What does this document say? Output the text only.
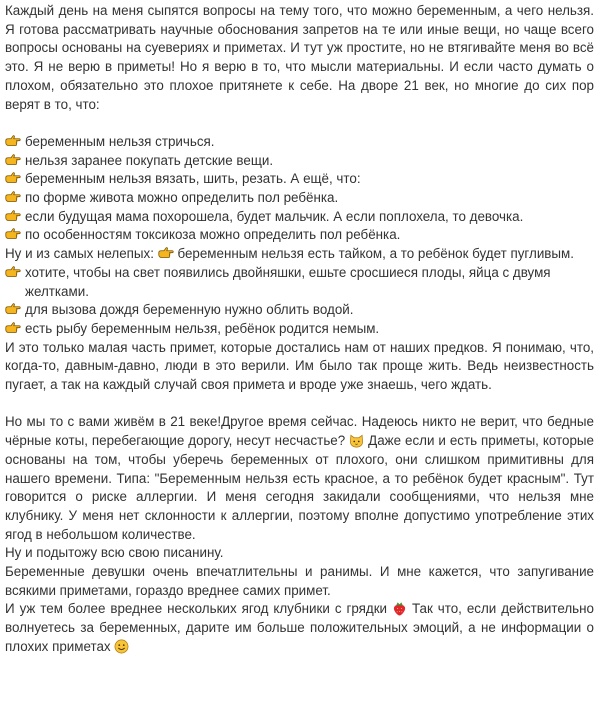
Каждый день на меня сыпятся вопросы на тему того, что можно беременным, а чего нельзя. Я готова рассматривать научные обоснования запретов на те или иные вещи, но чаще всего вопросы основаны на суевериях и приметах. И тут уж простите, но не втягивайте меня во всё это. Я не верю в приметы! Но я верю в то, что мысли материальны. И если часто думать о плохом, обязательно это плохое притянете к себе. На дворе 21 век, но многие до сих пор верят в то, что:

беременным нельзя стричься.
нельзя заранее покупать детские вещи.
беременным нельзя вязать, шить, резать. А ещё, что:
по форме живота можно определить пол ребёнка.
если будущая мама похорошела, будет мальчик. А если поплохела, то девочка.
по особенностям токсикоза можно определить пол ребёнка.

Ну и из самых нелепых: беременным нельзя есть тайком, а то ребёнок будет пугливым.

хотите, чтобы на свет появились двойняшки, ешьте сросшиеся плоды, яйца с двумя желтками.
для вызова дождя беременную нужно облить водой.
есть рыбу беременным нельзя, ребёнок родится немым.

И это только малая часть примет, которые достались нам от наших предков. Я понимаю, что, когда-то, давным-давно, люди в это верили. Им было так проще жить. Ведь неизвестность пугает, а так на каждый случай своя примета и вроде уже знаешь, чего ждать.

Но мы то с вами живём в 21 веке!Другое время сейчас. Надеюсь никто не верит, что бедные чёрные коты, перебегающие дорогу, несут несчастье? Даже если и есть приметы, которые основаны на том, чтобы уберечь беременных от плохого, они слишком примитивны для нашего времени. Типа: "Беременным нельзя есть красное, а то ребёнок будет красным". Тут говорится о риске аллергии. И меня сегодня закидали сообщениями, что нельзя мне клубнику. У меня нет склонности к аллергии, поэтому вполне допустимо употребление этих ягод в небольшом количестве.

Ну и подытожу всю свою писанину.

Беременные девушки очень впечатлительны и ранимы. И мне кажется, что запугивание всякими приметами, гораздо вреднее самих примет.

И уж тем более вреднее нескольких ягод клубники с грядки Так что, если действительно волнуетесь за беременных, дарите им больше положительных эмоций, а не информации о плохих приметах
